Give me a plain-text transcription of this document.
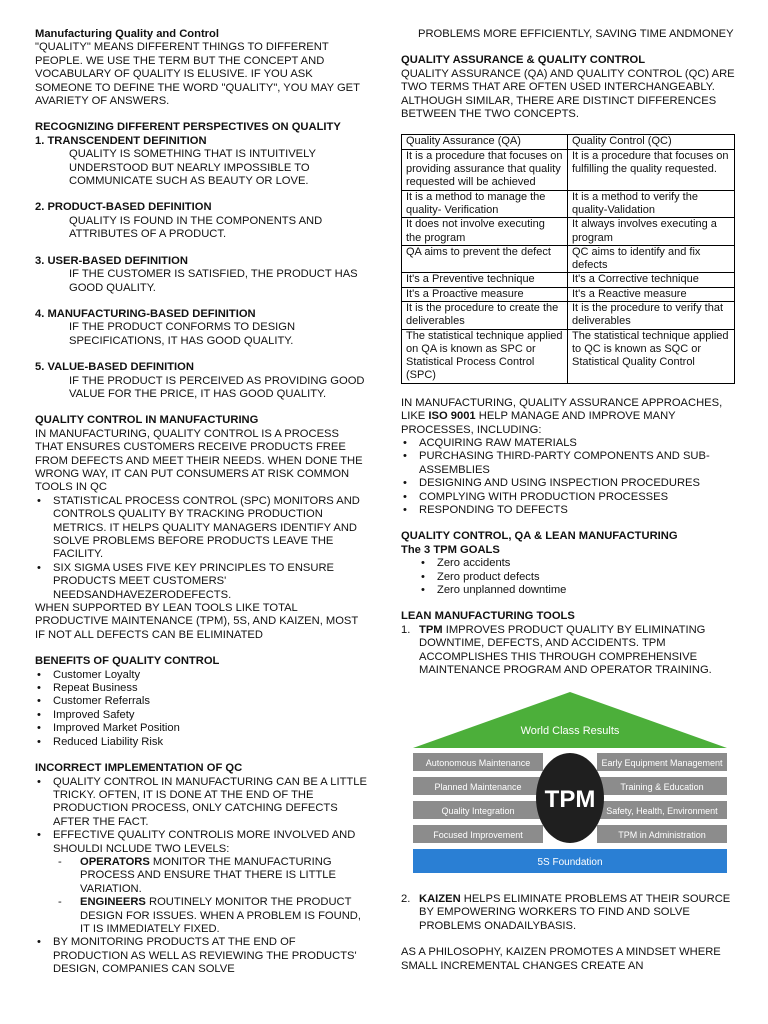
Manufacturing Quality and Control

"QUALITY" MEANS DIFFERENT THINGS TO DIFFERENT PEOPLE. WE USE THE TERM BUT THE CONCEPT AND VOCABULARY OF QUALITY IS ELUSIVE. IF YOU ASK SOMEONE TO DEFINE THE WORD "QUALITY", YOU MAY GET AVARIETY OF ANSWERS.

RECOGNIZING DIFFERENT PERSPECTIVES ON QUALITY

1. TRANSCENDENT DEFINITION

QUALITY IS SOMETHING THAT IS INTUITIVELY UNDERSTOOD BUT NEARLY IMPOSSIBLE TO COMMUNICATE SUCH AS BEAUTY OR LOVE.

2. PRODUCT-BASED DEFINITION

QUALITY IS FOUND IN THE COMPONENTS AND ATTRIBUTES OF A PRODUCT.

3. USER-BASED DEFINITION

IF THE CUSTOMER IS SATISFIED, THE PRODUCT HAS GOOD QUALITY.

4. MANUFACTURING-BASED DEFINITION

IF THE PRODUCT CONFORMS TO DESIGN SPECIFICATIONS, IT HAS GOOD QUALITY.

5. VALUE-BASED DEFINITION

IF THE PRODUCT IS PERCEIVED AS PROVIDING GOOD VALUE FOR THE PRICE, IT HAS GOOD QUALITY.

QUALITY CONTROL IN MANUFACTURING

IN MANUFACTURING, QUALITY CONTROL IS A PROCESS THAT ENSURES CUSTOMERS RECEIVE PRODUCTS FREE FROM DEFECTS AND MEET THEIR NEEDS. WHEN DONE THE WRONG WAY, IT CAN PUT CONSUMERS AT RISK COMMON TOOLS IN QC

• STATISTICAL PROCESS CONTROL (SPC) MONITORS AND CONTROLS QUALITY BY TRACKING PRODUCTION METRICS. IT HELPS QUALITY MANAGERS IDENTIFY AND SOLVE PROBLEMS BEFORE PRODUCTS LEAVE THE FACILITY.
• SIX SIGMA USES FIVE KEY PRINCIPLES TO ENSURE PRODUCTS MEET CUSTOMERS' NEEDSANDHAVEZERODEFECTS.

WHEN SUPPORTED BY LEAN TOOLS LIKE TOTAL PRODUCTIVE MAINTENANCE (TPM), 5S, AND KAIZEN, MOST IF NOT ALL DEFECTS CAN BE ELIMINATED

BENEFITS OF QUALITY CONTROL

• Customer Loyalty
• Repeat Business
• Customer Referrals
• Improved Safety
• Improved Market Position
• Reduced Liability Risk

INCORRECT IMPLEMENTATION OF QC

• QUALITY CONTROL IN MANUFACTURING CAN BE A LITTLE TRICKY. OFTEN, IT IS DONE AT THE END OF THE PRODUCTION PROCESS, ONLY CATCHING DEFECTS AFTER THE FACT.
• EFFECTIVE QUALITY CONTROLIS MORE INVOLVED AND SHOULDI NCLUDE TWO LEVELS:
- OPERATORS MONITOR THE MANUFACTURING PROCESS AND ENSURE THAT THERE IS LITTLE VARIATION.
- ENGINEERS ROUTINELY MONITOR THE PRODUCT DESIGN FOR ISSUES. WHEN A PROBLEM IS FOUND, IT IS IMMEDIATELY FIXED.
• BY MONITORING PRODUCTS AT THE END OF PRODUCTION AS WELL AS REVIEWING THE PRODUCTS' DESIGN, COMPANIES CAN SOLVE

PROBLEMS MORE EFFICIENTLY, SAVING TIME ANDMONEY

QUALITY ASSURANCE & QUALITY CONTROL

QUALITY ASSURANCE (QA) AND QUALITY CONTROL (QC) ARE TWO TERMS THAT ARE OFTEN USED INTERCHANGEABLY. ALTHOUGH SIMILAR, THERE ARE DISTINCT DIFFERENCES BETWEEN THE TWO CONCEPTS.

Quality Assurance (QA)	Quality Control (QC)
It is a procedure that focuses on providing assurance that quality requested will be achieved	It is a procedure that focuses on fulfilling the quality requested.
It is a method to manage the quality- Verification	It is a method to verify the quality-Validation
It does not involve executing the program	It always involves executing a program
QA aims to prevent the defect	QC aims to identify and fix defects
It's a Preventive technique	It's a Corrective technique
It's a Proactive measure	It's a Reactive measure
It is the procedure to create the deliverables	It is the procedure to verify that deliverables
The statistical technique applied on QA is known as SPC or Statistical Process Control (SPC)	The statistical technique applied to QC is known as SQC or Statistical Quality Control

IN MANUFACTURING, QUALITY ASSURANCE APPROACHES, LIKE ISO 9001 HELP MANAGE AND IMPROVE MANY PROCESSES, INCLUDING:

• ACQUIRING RAW MATERIALS
• PURCHASING THIRD-PARTY COMPONENTS AND SUB-ASSEMBLIES
• DESIGNING AND USING INSPECTION PROCEDURES
• COMPLYING WITH PRODUCTION PROCESSES
• RESPONDING TO DEFECTS

QUALITY CONTROL, QA & LEAN MANUFACTURING

The 3 TPM GOALS

• Zero accidents
• Zero product defects
• Zero unplanned downtime

LEAN MANUFACTURING TOOLS

1. TPM IMPROVES PRODUCT QUALITY BY ELIMINATING DOWNTIME, DEFECTS, AND ACCIDENTS. TPM ACCOMPLISHES THIS THROUGH COMPREHENSIVE MAINTENANCE PROGRAM AND OPERATOR TRAINING.
World Class Results
Autonomous Maintenance
Planned Maintenance
Quality Integration
Focused Improvement
Early Equipment Management
Training & Education
Safety, Health, Environment
TPM in Administration
TPM
5S Foundation
2. KAIZEN HELPS ELIMINATE PROBLEMS AT THEIR SOURCE BY EMPOWERING WORKERS TO FIND AND SOLVE PROBLEMS ONADAILYBASIS.

AS A PHILOSOPHY, KAIZEN PROMOTES A MINDSET WHERE SMALL INCREMENTAL CHANGES CREATE AN
